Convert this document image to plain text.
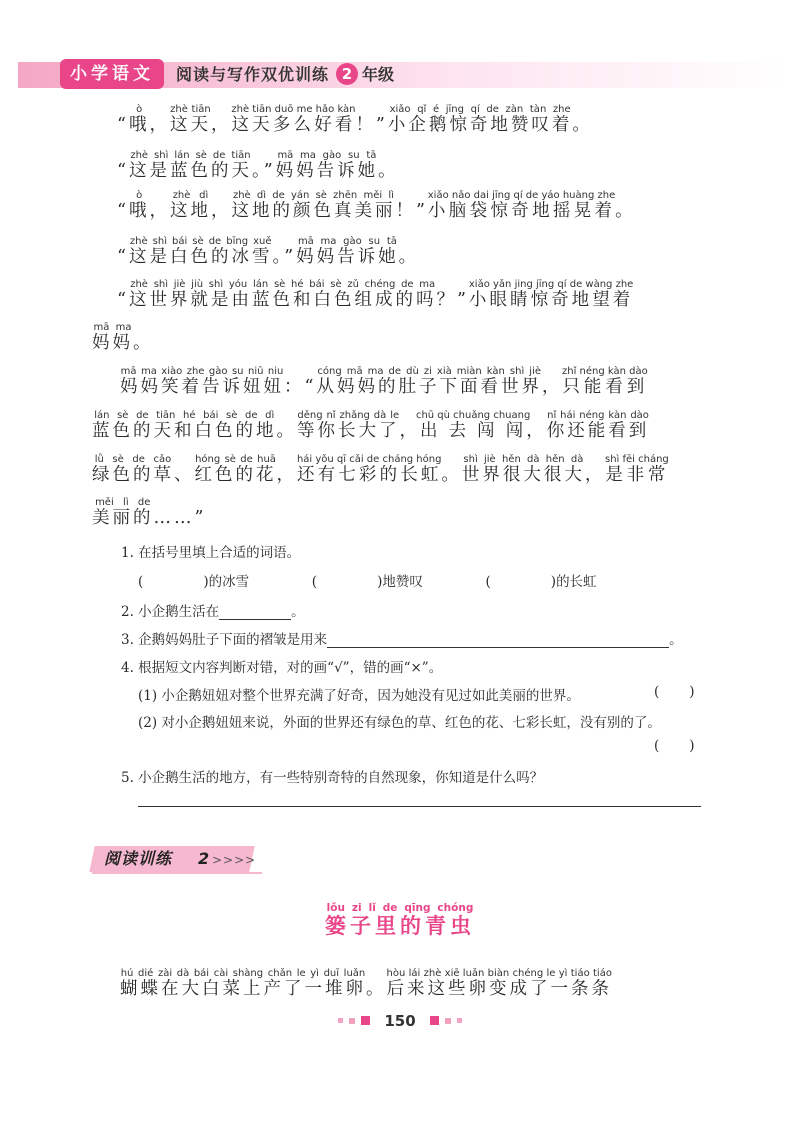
小学语文	阅读与写作双优训练 2 年级
“哦ò，这天zhè tiān，这天多么好看zhè tiān duō me hǎo kàn！”小企鹅惊奇地赞叹着xiǎo qǐ é jīng qí de zàn tàn zhe。
“这是蓝色的天zhè shì lán sè de tiān。”妈妈告诉她mā ma gào su tā。
“哦ò，这地zhè dì，这地的颜色真美丽zhè dì de yán sè zhēn měi lì！”小脑袋惊奇地摇晃着xiǎo nǎo dai jīng qí de yáo huàng zhe。
“这是白色的冰雪zhè shì bái sè de bīng xuě。”妈妈告诉她mā ma gào su tā。
“这世界就是由蓝色和白色组成的吗zhè shì jiè jiù shì yóu lán sè hé bái sè zǔ chéng de ma？”小眼睛惊奇地望着xiǎo yǎn jing jīng qí de wàng zhe
妈妈mā ma。
妈妈笑着告诉妞妞mā ma xiào zhe gào su niū niu：“从妈妈的肚子下面看世界cóng mā ma de dù zi xià miàn kàn shì jiè，只能看到zhǐ néng kàn dào
蓝色的天和白色的地lán sè de tiān hé bái sè de dì。等你长大了děng nǐ zhǎng dà le，出去闯闯chū qù chuǎng chuang，你还能看到nǐ hái néng kàn dào
绿色的草lǜ sè de cǎo、红色的花hóng sè de huā，还有七彩的长虹hái yǒu qī cǎi de cháng hóng。世界很大很大shì jiè hěn dà hěn dà，是非常shì fēi cháng
美丽的měi lì de……”
1. 在括号里填上合适的词语。
(              )的冰雪	(              )地赞叹	(              )的长虹
2. 小企鹅生活在	。
3. 企鹅妈妈肚子下面的褶皱是用来	。
4. 根据短文内容判断对错，对的画“√”，错的画“×”。
(1) 小企鹅妞妞对整个世界充满了好奇，因为她没有见过如此美丽的世界。	(       )
(2) 对小企鹅妞妞来说，外面的世界还有绿色的草、红色的花、七彩长虹，没有别的了。
(       )
5. 小企鹅生活的地方，有一些特别奇特的自然现象，你知道是什么吗？
阅读训练 2 >>>>
篓子里的青虫lǒu zi lǐ de qīng chóng
蝴蝶在大白菜上产了一堆卵hú dié zài dà bái cài shàng chǎn le yì duī luǎn。后来这些卵变成了一条条hòu lái zhè xiē luǎn biàn chéng le yì tiáo tiáo
150
